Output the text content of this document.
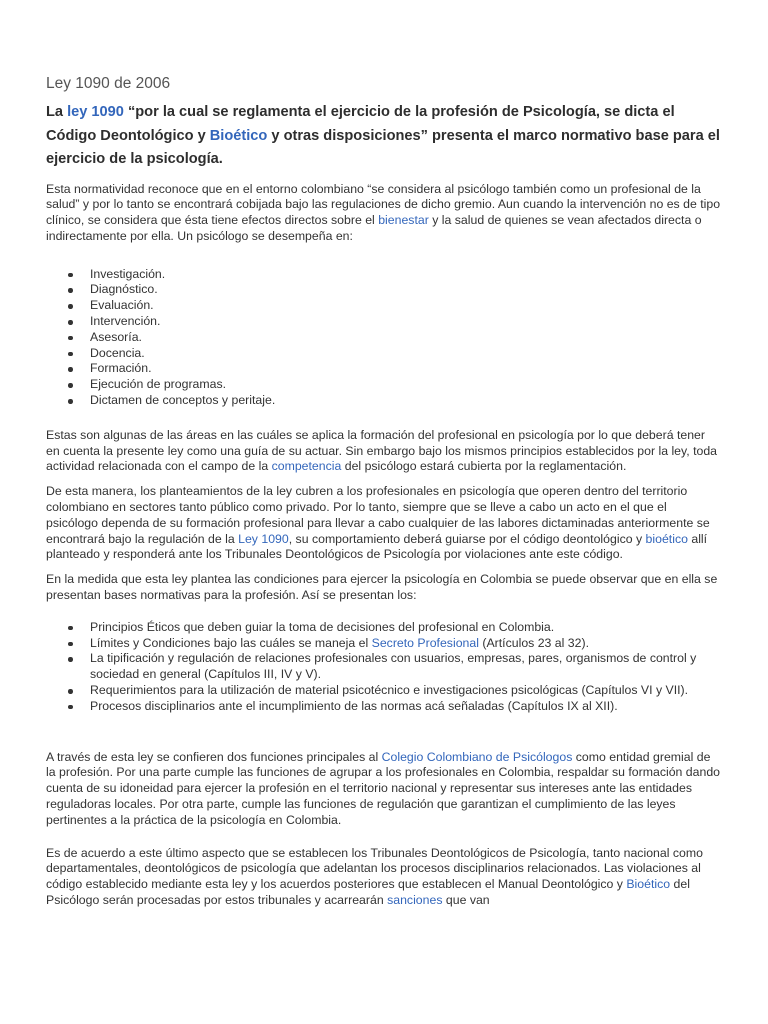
Ley 1090 de 2006

La ley 1090 “por la cual se reglamenta el ejercicio de la profesión de Psicología, se dicta el Código Deontológico y Bioético y otras disposiciones” presenta el marco normativo base para el ejercicio de la psicología.

Esta normatividad reconoce que en el entorno colombiano “se considera al psicólogo también como un profesional de la salud” y por lo tanto se encontrará cobijada bajo las regulaciones de dicho gremio. Aun cuando la intervención no es de tipo clínico, se considera que ésta tiene efectos directos sobre el bienestar y la salud de quienes se vean afectados directa o indirectamente por ella. Un psicólogo se desempeña en:

Investigación.
Diagnóstico.
Evaluación.
Intervención.
Asesoría.
Docencia.
Formación.
Ejecución de programas.
Dictamen de conceptos y peritaje.

Estas son algunas de las áreas en las cuáles se aplica la formación del profesional en psicología por lo que deberá tener en cuenta la presente ley como una guía de su actuar. Sin embargo bajo los mismos principios establecidos por la ley, toda actividad relacionada con el campo de la competencia del psicólogo estará cubierta por la reglamentación.

De esta manera, los planteamientos de la ley cubren a los profesionales en psicología que operen dentro del territorio colombiano en sectores tanto público como privado. Por lo tanto, siempre que se lleve a cabo un acto en el que el psicólogo dependa de su formación profesional para llevar a cabo cualquier de las labores dictaminadas anteriormente se encontrará bajo la regulación de la Ley 1090, su comportamiento deberá guiarse por el código deontológico y bioético allí planteado y responderá ante los Tribunales Deontológicos de Psicología por violaciones ante este código.

En la medida que esta ley plantea las condiciones para ejercer la psicología en Colombia se puede observar que en ella se presentan bases normativas para la profesión. Así se presentan los:

Principios Éticos que deben guiar la toma de decisiones del profesional en Colombia.
Límites y Condiciones bajo las cuáles se maneja el Secreto Profesional (Artículos 23 al 32).
La tipificación y regulación de relaciones profesionales con usuarios, empresas, pares, organismos de control y sociedad en general (Capítulos III, IV y V).
Requerimientos para la utilización de material psicotécnico e investigaciones psicológicas (Capítulos VI y VII).
Procesos disciplinarios ante el incumplimiento de las normas acá señaladas (Capítulos IX al XII).

A través de esta ley se confieren dos funciones principales al Colegio Colombiano de Psicólogos como entidad gremial de la profesión. Por una parte cumple las funciones de agrupar a los profesionales en Colombia, respaldar su formación dando cuenta de su idoneidad para ejercer la profesión en el territorio nacional y representar sus intereses ante las entidades reguladoras locales. Por otra parte, cumple las funciones de regulación que garantizan el cumplimiento de las leyes pertinentes a la práctica de la psicología en Colombia.

Es de acuerdo a este último aspecto que se establecen los Tribunales Deontológicos de Psicología, tanto nacional como departamentales, deontológicos de psicología que adelantan los procesos disciplinarios relacionados. Las violaciones al código establecido mediante esta ley y los acuerdos posteriores que establecen el Manual Deontológico y Bioético del Psicólogo serán procesadas por estos tribunales y acarrearán sanciones que van
